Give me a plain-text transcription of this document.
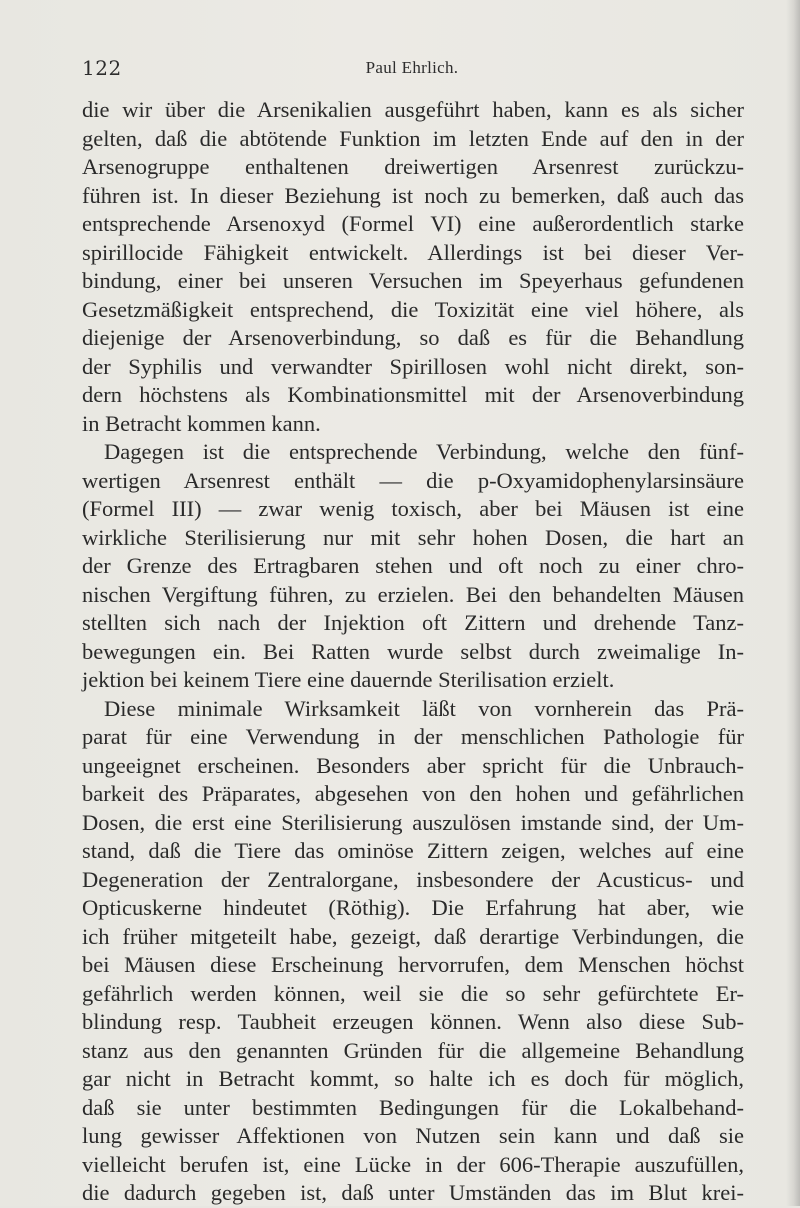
122	Paul Ehrlich.

die wir über die Arsenikalien ausgeführt haben, kann es als sicher
gelten, daß die abtötende Funktion im letzten Ende auf den in der
Arsenogruppe enthaltenen dreiwertigen Arsenrest zurückzu-
führen ist. In dieser Beziehung ist noch zu bemerken, daß auch das
entsprechende Arsenoxyd (Formel VI) eine außerordentlich starke
spirillocide Fähigkeit entwickelt. Allerdings ist bei dieser Ver-
bindung, einer bei unseren Versuchen im Speyerhaus gefundenen
Gesetzmäßigkeit entsprechend, die Toxizität eine viel höhere, als
diejenige der Arsenoverbindung, so daß es für die Behandlung
der Syphilis und verwandter Spirillosen wohl nicht direkt, son-
dern höchstens als Kombinationsmittel mit der Arsenoverbindung
in Betracht kommen kann.

Dagegen ist die entsprechende Verbindung, welche den fünf-
wertigen Arsenrest enthält — die p-Oxyamidophenylarsinsäure
(Formel III) — zwar wenig toxisch, aber bei Mäusen ist eine
wirkliche Sterilisierung nur mit sehr hohen Dosen, die hart an
der Grenze des Ertragbaren stehen und oft noch zu einer chro-
nischen Vergiftung führen, zu erzielen. Bei den behandelten Mäusen
stellten sich nach der Injektion oft Zittern und drehende Tanz-
bewegungen ein. Bei Ratten wurde selbst durch zweimalige In-
jektion bei keinem Tiere eine dauernde Sterilisation erzielt.

Diese minimale Wirksamkeit läßt von vornherein das Prä-
parat für eine Verwendung in der menschlichen Pathologie für
ungeeignet erscheinen. Besonders aber spricht für die Unbrauch-
barkeit des Präparates, abgesehen von den hohen und gefährlichen
Dosen, die erst eine Sterilisierung auszulösen imstande sind, der Um-
stand, daß die Tiere das ominöse Zittern zeigen, welches auf eine
Degeneration der Zentralorgane, insbesondere der Acusticus- und
Opticuskerne hindeutet (Röthig). Die Erfahrung hat aber, wie
ich früher mitgeteilt habe, gezeigt, daß derartige Verbindungen, die
bei Mäusen diese Erscheinung hervorrufen, dem Menschen höchst
gefährlich werden können, weil sie die so sehr gefürchtete Er-
blindung resp. Taubheit erzeugen können. Wenn also diese Sub-
stanz aus den genannten Gründen für die allgemeine Behandlung
gar nicht in Betracht kommt, so halte ich es doch für möglich,
daß sie unter bestimmten Bedingungen für die Lokalbehand-
lung gewisser Affektionen von Nutzen sein kann und daß sie
vielleicht berufen ist, eine Lücke in der 606-Therapie auszufüllen,
die dadurch gegeben ist, daß unter Umständen das im Blut krei-
